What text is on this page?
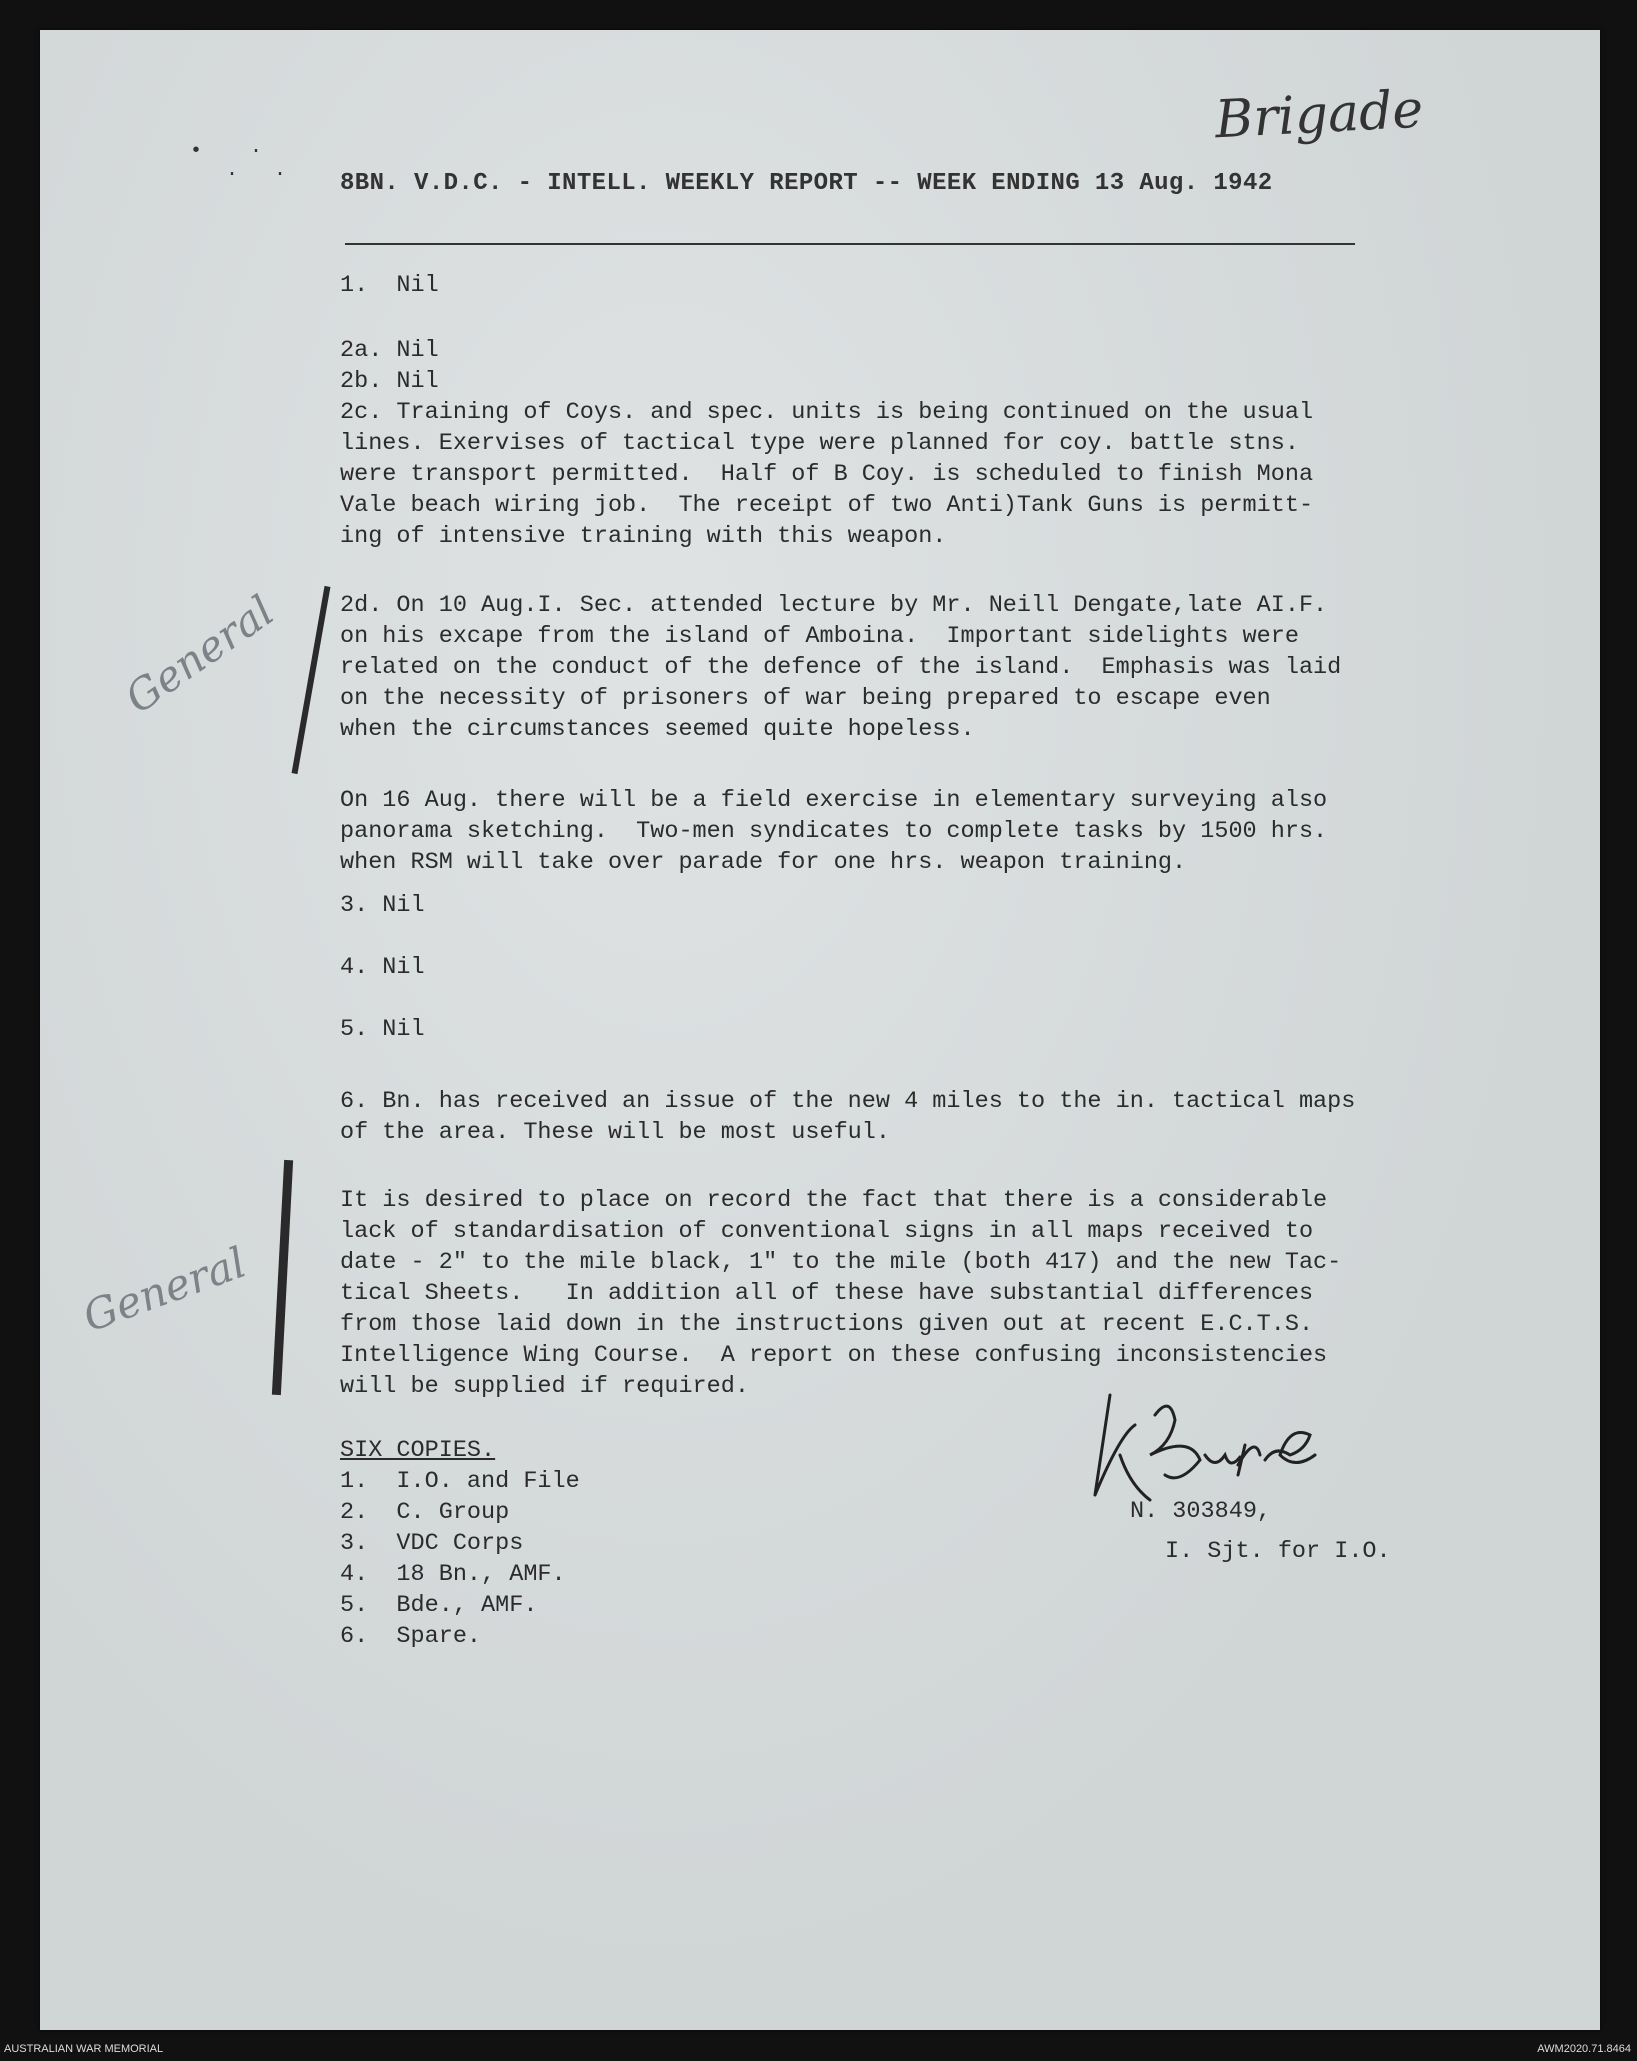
•    ·
·   ·
Brigade
8BN. V.D.C. - INTELL. WEEKLY REPORT -- WEEK ENDING 13 Aug. 1942
1.  Nil
2a. Nil
2b. Nil
2c. Training of Coys. and spec. units is being continued on the usual
lines. Exervises of tactical type were planned for coy. battle stns.
were transport permitted.  Half of B Coy. is scheduled to finish Mona
Vale beach wiring job.  The receipt of two Anti)Tank Guns is permitt-
ing of intensive training with this weapon.
General 2d. On 10 Aug.I. Sec. attended lecture by Mr. Neill Dengate,late AI.F.
on his excape from the island of Amboina.  Important sidelights were
related on the conduct of the defence of the island.  Emphasis was laid
on the necessity of prisoners of war being prepared to escape even
when the circumstances seemed quite hopeless.
On 16 Aug. there will be a field exercise in elementary surveying also
panorama sketching.  Two-men syndicates to complete tasks by 1500 hrs.
when RSM will take over parade for one hrs. weapon training.
3. Nil
4. Nil
5. Nil
6. Bn. has received an issue of the new 4 miles to the in. tactical maps
of the area. These will be most useful.
General
It is desired to place on record the fact that there is a considerable
lack of standardisation of conventional signs in all maps received to
date - 2" to the mile black, 1" to the mile (both 417) and the new Tac-
tical Sheets.   In addition all of these have substantial differences
from those laid down in the instructions given out at recent E.C.T.S.
Intelligence Wing Course.  A report on these confusing inconsistencies
will be supplied if required.
SIX COPIES.
1.  I.O. and File
2.  C. Group
3.  VDC Corps
4.  18 Bn., AMF.
5.  Bde., AMF.
6.  Spare.
N. 303849,
I. Sjt. for I.O.
AUSTRALIAN WAR MEMORIAL	AWM2020.71.8464
